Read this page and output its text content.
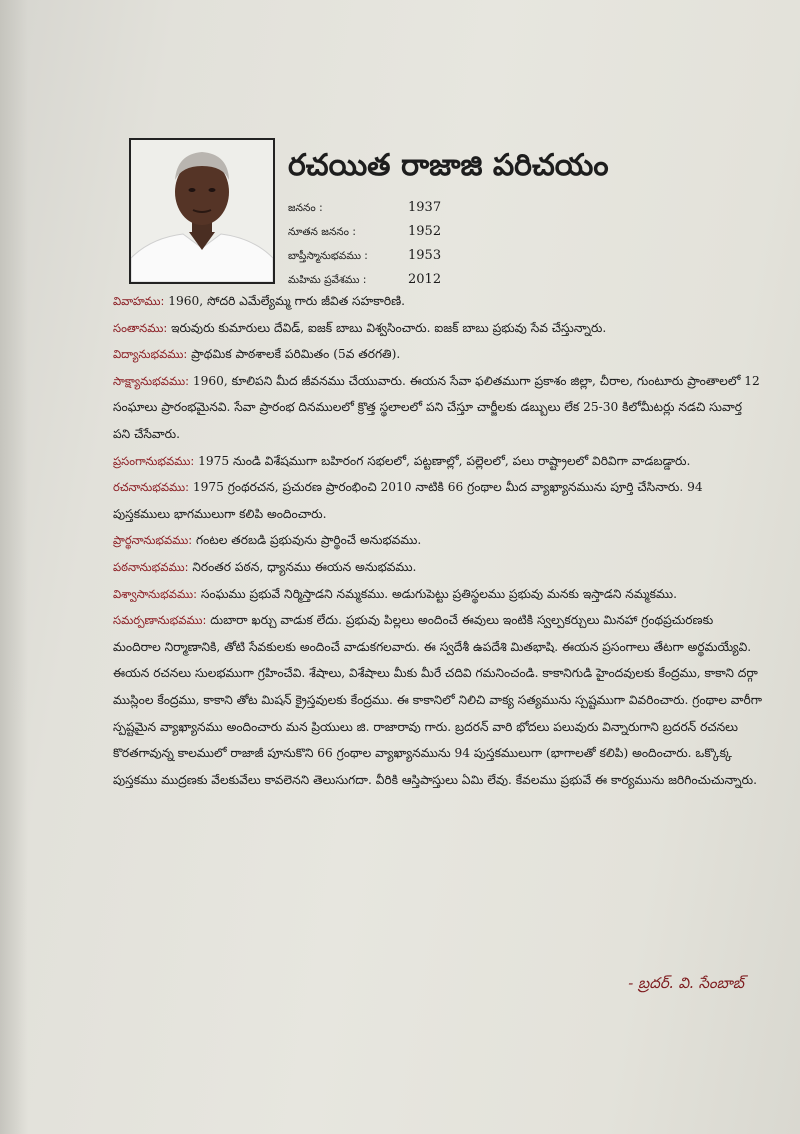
రచయిత రాజాజి పరిచయం
జననం :	1937
నూతన జననం :	1952
బాప్తీస్మానుభవము :	1953
మహిమ ప్రవేశము :	2012

వివాహము: 1960, సోదరి ఎమేల్యేమ్మ గారు జీవిత సహకారిణి.

సంతానము: ఇరువురు కుమారులు దేవిడ్, ఐజక్ బాబు విశ్వసించారు. ఐజక్ బాబు ప్రభువు సేవ చేస్తున్నారు.

విద్యానుభవము: ప్రాథమిక పాఠశాలకే పరిమితం (5వ తరగతి).

సాక్ష్యానుభవము: 1960, కూలిపని మీద జీవనము చేయువారు. ఈయన సేవా ఫలితముగా ప్రకాశం జిల్లా, చీరాల, గుంటూరు ప్రాంతాలలో 12 సంఘాలు ప్రారంభమైనవి. సేవా ప్రారంభ దినములలో క్రొత్త స్థలాలలో పని చేస్తూ చార్జీలకు డబ్బులు లేక 25-30 కిలోమీటర్లు నడచి సువార్త పని చేసేవారు.

ప్రసంగానుభవము: 1975 నుండి విశేషముగా బహిరంగ సభలలో, పట్టణాల్లో, పల్లెలలో, పలు రాష్ట్రాలలో విరివిగా వాడబడ్డారు.

రచనానుభవము: 1975 గ్రంథరచన, ప్రచురణ ప్రారంభించి 2010 నాటికి 66 గ్రంథాల మీద వ్యాఖ్యానమును పూర్తి చేసినారు. 94 పుస్తకములు భాగములుగా కలిపి అందించారు.

ప్రార్థనానుభవము: గంటల తరబడి ప్రభువును ప్రార్థించే అనుభవము.

పఠనానుభవము: నిరంతర పఠన, ధ్యానము ఈయన అనుభవము.

విశ్వాసానుభవము: సంఘము ప్రభువే నిర్మిస్తాడని నమ్మకము. అడుగుపెట్టు ప్రతిస్థలము ప్రభువు మనకు ఇస్తాడని నమ్మకము.

సమర్పణానుభవము: దుబారా ఖర్చు వాడుక లేదు. ప్రభువు పిల్లలు అందించే ఈవులు ఇంటికి స్వల్పకర్చులు మినహా గ్రంథప్రచురణకు మందిరాల నిర్మాణానికి, తోటి సేవకులకు అందించే వాడుకగలవారు. ఈ స్వదేశీ ఉపదేశి మితభాషి. ఈయన ప్రసంగాలు తేటగా అర్థమయ్యేవి. ఈయన రచనలు సులభముగా గ్రహించేవి. శేషాలు, విశేషాలు మీకు మీరే చదివి గమనించండి. కాకానిగుడి హైందవులకు కేంద్రము, కాకాని దర్గా ముస్లింల కేంద్రము, కాకాని తోట మిషన్ క్రైస్తవులకు కేంద్రము. ఈ కాకానిలో నిలిచి వాక్య సత్యమును స్పష్టముగా వివరించారు. గ్రంథాల వారీగా స్పష్టమైన వ్యాఖ్యానము అందించారు మన ప్రియులు జి. రాజారావు గారు. బ్రదరన్ వారి భోదలు పలువురు విన్నారుగాని బ్రదరన్ రచనలు కొరతగావున్న కాలములో రాజాజీ పూనుకొని 66 గ్రంథాల వ్యాఖ్యానమును 94 పుస్తకములుగా (భాగాలతో కలిపి) అందించారు. ఒక్కొక్క పుస్తకము ముద్రణకు వేలకువేలు కావలెనని తెలుసుగదా. వీరికి ఆస్తిపాస్తులు ఏమి లేవు. కేవలము ప్రభువే ఈ కార్యమును జరిగించుచున్నారు.

- బ్రదర్. వి. సేంబాబ్
